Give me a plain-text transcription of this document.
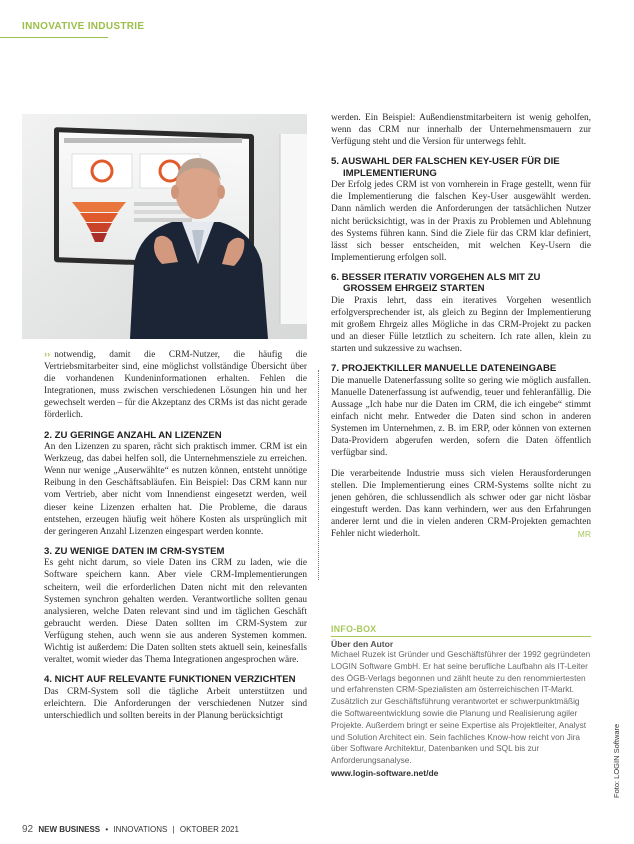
INNOVATIVE INDUSTRIE

›› notwendig, damit die CRM-Nutzer, die häufig die Vertriebsmitarbeiter sind, eine möglichst vollständige Übersicht über die vorhandenen Kundeninformationen erhalten. Fehlen die Integrationen, muss zwischen verschiedenen Lösungen hin und her gewechselt werden – für die Akzeptanz des CRMs ist das nicht gerade förderlich.

2. ZU GERINGE ANZAHL AN LIZENZEN

An den Lizenzen zu sparen, rächt sich praktisch immer. CRM ist ein Werkzeug, das dabei helfen soll, die Unternehmensziele zu erreichen. Wenn nur wenige „Auserwählte“ es nutzen können, entsteht unnötige Reibung in den Geschäftsabläufen. Ein Beispiel: Das CRM kann nur vom Vertrieb, aber nicht vom Innendienst eingesetzt werden, weil dieser keine Lizenzen erhalten hat. Die Probleme, die daraus entstehen, erzeugen häufig weit höhere Kosten als ursprünglich mit der geringeren Anzahl Lizenzen eingespart werden konnte.

3. ZU WENIGE DATEN IM CRM-SYSTEM

Es geht nicht darum, so viele Daten ins CRM zu laden, wie die Software speichern kann. Aber viele CRM-Implementierungen scheitern, weil die erforderlichen Daten nicht mit den relevanten Systemen synchron gehalten werden. Verantwortliche sollten genau analysieren, welche Daten relevant sind und im täglichen Geschäft gebraucht werden. Diese Daten sollten im CRM-System zur Verfügung stehen, auch wenn sie aus anderen Systemen kommen. Wichtig ist außerdem: Die Daten sollten stets aktuell sein, keinesfalls veraltet, womit wieder das Thema Integrationen angesprochen wäre.

4. NICHT AUF RELEVANTE FUNKTIONEN VERZICHTEN

Das CRM-System soll die tägliche Arbeit unterstützen und erleichtern. Die Anforderungen der verschiedenen Nutzer sind unterschiedlich und sollten bereits in der Planung berücksichtigt

werden. Ein Beispiel: Außendienstmitarbeitern ist wenig geholfen, wenn das CRM nur innerhalb der Unternehmensmauern zur Verfügung steht und die Version für unterwegs fehlt.

5. AUSWAHL DER FALSCHEN KEY-USER FÜR DIE IMPLEMENTIERUNG

Der Erfolg jedes CRM ist von vornherein in Frage gestellt, wenn für die Implementierung die falschen Key-User ausgewählt werden. Dann nämlich werden die Anforderungen der tatsächlichen Nutzer nicht berücksichtigt, was in der Praxis zu Problemen und Ablehnung des Systems führen kann. Sind die Ziele für das CRM klar definiert, lässt sich besser entscheiden, mit welchen Key-Usern die Implementierung erfolgen soll.

6. BESSER ITERATIV VORGEHEN ALS MIT ZU GROSSEM EHRGEIZ STARTEN

Die Praxis lehrt, dass ein iteratives Vorgehen wesentlich erfolgversprechender ist, als gleich zu Beginn der Implementierung mit großem Ehrgeiz alles Mögliche in das CRM-Projekt zu packen und an dieser Fülle letztlich zu scheitern. Ich rate allen, klein zu starten und sukzessive zu wachsen.

7. PROJEKTKILLER MANUELLE DATENEINGABE

Die manuelle Datenerfassung sollte so gering wie möglich ausfallen. Manuelle Datenerfassung ist aufwendig, teuer und fehleranfällig. Die Aussage „Ich habe nur die Daten im CRM, die ich eingebe“ stimmt einfach nicht mehr. Entweder die Daten sind schon in anderen Systemen im Unternehmen, z. B. im ERP, oder können von externen Data-Providern abgerufen werden, sofern die Daten öffentlich verfügbar sind.

Die verarbeitende Industrie muss sich vielen Herausforderungen stellen. Die Implementierung eines CRM-Systems sollte nicht zu jenen gehören, die schlussendlich als schwer oder gar nicht lösbar eingestuft werden. Das kann verhindern, wer aus den Erfahrungen anderer lernt und die in vielen anderen CRM-Projekten gemachten Fehler nicht wiederholt.	MR

INFO-BOX
Über den Autor
Michael Ruzek ist Gründer und Geschäftsführer der 1992 gegründeten LOGIN Software GmbH. Er hat seine berufliche Laufbahn als IT-Leiter des ÖGB-Verlags begonnen und zählt heute zu den renommiertesten und erfahrensten CRM-Spezialisten am österreichischen IT-Markt. Zusätzlich zur Geschäftsführung verantwortet er schwerpunktmäßig die Softwareentwicklung sowie die Planung und Realisierung agiler Projekte. Außerdem bringt er seine Expertise als Projektleiter, Analyst und Solution Architect ein. Sein fachliches Know-how reicht von Jira über Software Architektur, Datenbanken und SQL bis zur Anforderungsanalyse.
www.login-software.net/de	Foto: LOGIN Software
92 NEW BUSINESS • INNOVATIONS | OKTOBER 2021
